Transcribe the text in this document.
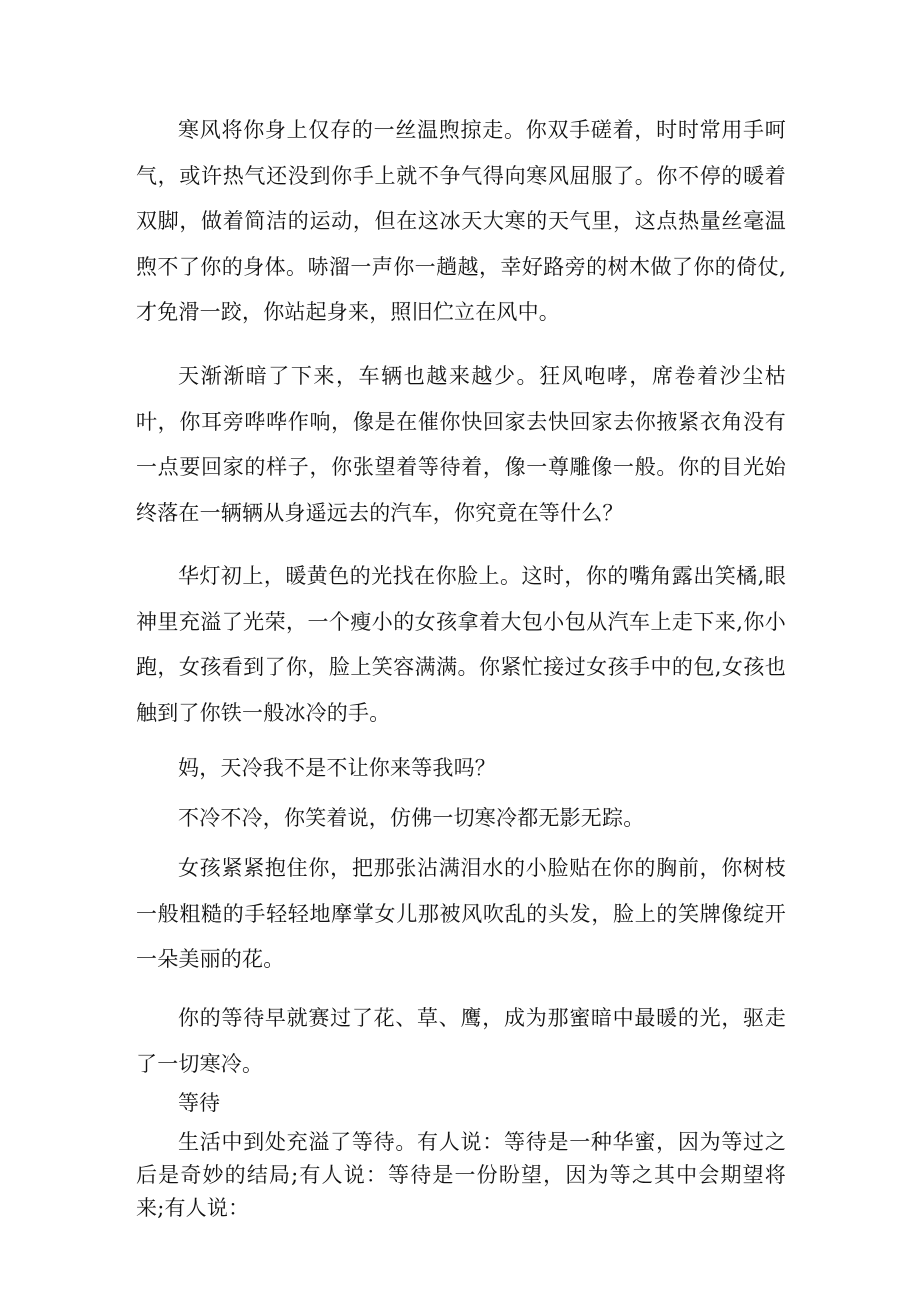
寒风将你身上仅存的一丝温煦掠走。你双手磋着，时时常用手呵气，或许热气还没到你手上就不争气得向寒风屈服了。你不停的暖着双脚，做着简洁的运动，但在这冰天大寒的天气里，这点热量丝毫温煦不了你的身体。哧溜一声你一趟越，幸好路旁的树木做了你的倚仗,才免滑一跤，你站起身来，照旧伫立在风中。

天渐渐暗了下来，车辆也越来越少。狂风咆哮，席卷着沙尘枯叶，你耳旁哗哗作响，像是在催你快回家去快回家去你掖紧衣角没有一点要回家的样子，你张望着等待着，像一尊雕像一般。你的目光始终落在一辆辆从身遥远去的汽车，你究竟在等什么？

华灯初上，暖黄色的光找在你脸上。这时，你的嘴角露出笑橘,眼神里充溢了光荣，一个瘦小的女孩拿着大包小包从汽车上走下来,你小跑，女孩看到了你，脸上笑容满满。你紧忙接过女孩手中的包,女孩也触到了你铁一般冰冷的手。

妈，天冷我不是不让你来等我吗？

不冷不冷，你笑着说，仿佛一切寒冷都无影无踪。

女孩紧紧抱住你，把那张沾满泪水的小脸贴在你的胸前，你树枝一般粗糙的手轻轻地摩掌女儿那被风吹乱的头发，脸上的笑牌像绽开一朵美丽的花。

你的等待早就赛过了花、草、鹰，成为那蜜暗中最暖的光，驱走了一切寒冷。

等待

生活中到处充溢了等待。有人说：等待是一种华蜜，因为等过之后是奇妙的结局;有人说：等待是一份盼望，因为等之其中会期望将来;有人说：
